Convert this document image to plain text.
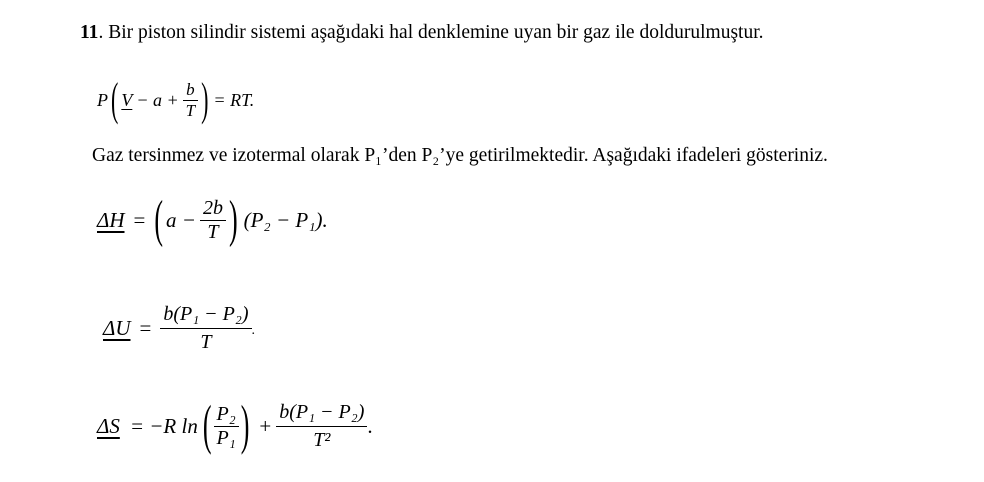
11. Bir piston silindir sistemi aşağıdaki hal denklemine uyan bir gaz ile doldurulmuştur.
P ( $V - a + \frac{b}{T}$ ) = RT.
Gaz tersinmez ve izotermal olarak P₁’den P₂’ye getirilmektedir. Aşağıdaki ifadeleri gösteriniz.
ΔH = ( $a - \frac{2b}{T}$ ) (P₂ − P₁).
$\Delta U = \frac{\text{b(P₁ − P₂)}}{T}$ .
ΔS = −R ln ( $\frac{\text{P₂}}{\text{P₁}}$ ) + $\frac{\text{b(P₁ − P₂)}}{\text{T²}}$ .
